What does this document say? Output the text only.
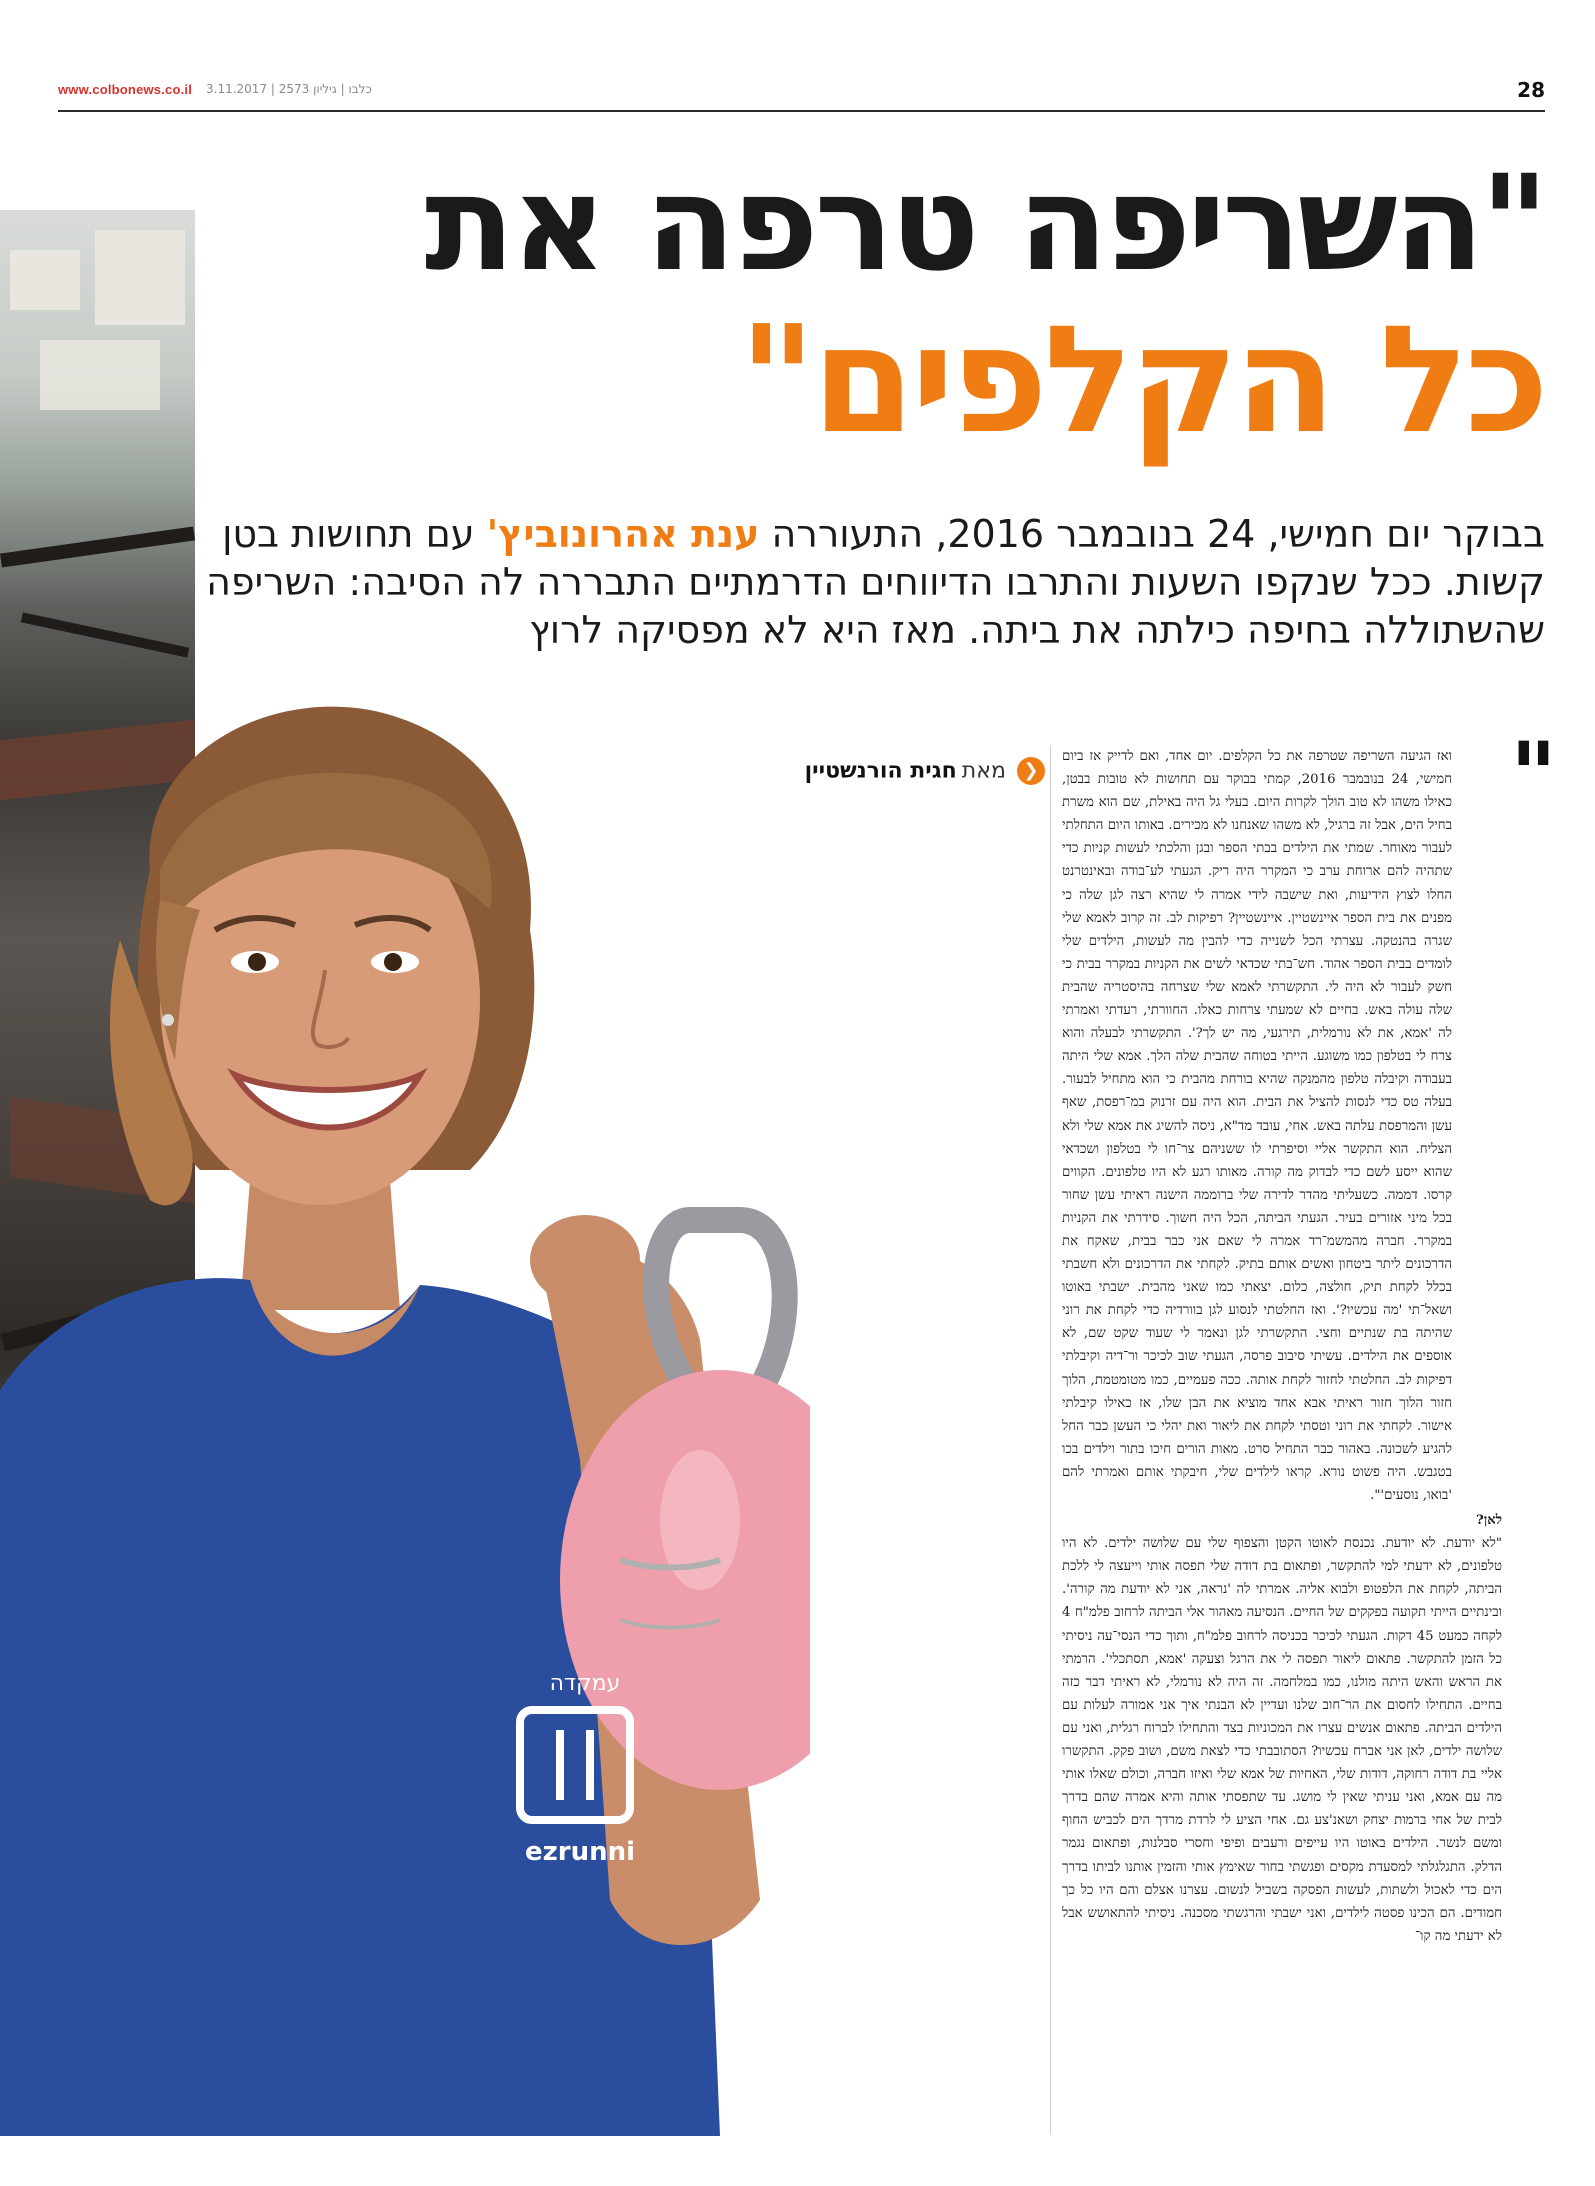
www.colbonews.co.il כלבו | גיליון 2573 | 3.11.2017	28
"השריפה טרפה את
כל הקלפים"
בבוקר יום חמישי, 24 בנובמבר 2016, התעוררה ענת אהרונוביץ' עם תחושות בטן קשות. ככל שנקפו השעות והתרבו הדיווחים הדרמתיים התבררה לה הסיבה: השריפה שהשתוללה בחיפה כילתה את ביתה. מאז היא לא מפסיקה לרוץ
עמקדה
ezrunni
❮ מאת חגית הורנשטיין	"

ואז הגיעה השריפה שטרפה את כל הקלפים. יום אחד, ואם לדייק אז ביום חמישי, 24 בנובמבר 2016, קמתי בבוקר עם תחושות לא טובות בבטן, כאילו משהו לא טוב הולך לקרות היום. בעלי גל היה באילת, שם הוא משרת בחיל הים, אבל זה ברגיל, לא משהו שאנחנו לא מכירים. באותו היום התחלתי לעבור מאוחר. שמתי את הילדים בבתי הספר ובגן והלכתי לעשות קניות כדי שתהיה להם ארוחת ערב כי המקרר היה ריק. הגעתי לע־בודה ובאינטרנט החלו לצוץ הידיעות, ואת שישבה לידי אמרה לי שהיא רצה לגן שלה כי מפנים את בית הספר איינשטיין. איינשטיין? רפיקות לב. זה קרוב לאמא שלי שגרה בהנטקה. עצרתי הכל לשנייה כדי להבין מה לעשות, הילדים שלי לומדים בבית הספר אהוד. חש־בתי שכדאי לשים את הקניות במקרר בבית כי חשק לעבור לא היה לי. התקשרתי לאמא שלי שצרחה בהיסטריה שהבית שלה עולה באש. בחיים לא שמעתי צרחות כאלו. החוורתי, רעדתי ואמרתי לה 'אמא, את לא נורמלית, תירגעי, מה יש לך?'. התקשרתי לבעלה והוא צרח לי בטלפון כמו משוגע. הייתי בטוחה שהבית שלה הלך. אמא שלי היתה בעבודה וקיבלה טלפון מהמנקה שהיא בורחת מהבית כי הוא מתחיל לבעור. בעלה טס כדי לנסות להציל את הבית. הוא היה עם זרנוק במ־רפסת, שאף עשן והמרפסת עלתה באש. אחי, עובד מד"א, ניסה להשיג את אמא שלי ולא הצליח. הוא התקשר אליי וסיפרתי לו ששניהם צר־חו לי בטלפון ושכדאי שהוא ייסע לשם כדי לבדוק מה קורה. מאותו רגע לא היו טלפונים. הקווים קרסו. דממה. כשעליתי מהדר לדירה שלי ברוממה הישנה ראיתי עשן שחור בכל מיני אזורים בעיר. הגעתי הביתה, הכל היה חשוך. סידרתי את הקניות במקרר. חברה מהמשמ־רד אמרה לי שאם אני כבר בבית, שאקח את הדרכונים ליתר ביטחון ואשים אותם בתיק. לקחתי את הדרכונים ולא חשבתי בכלל לקחת תיק, חולצה, כלום. יצאתי כמו שאני מהבית. ישבתי באוטו ושאל־תי 'מה עכשיו?'. ואז החלטתי לנסוע לגן בוורדיה כדי לקחת את רוני שהיתה בת שנתיים וחצי. התקשרתי לגן ונאמר לי שעוד שקט שם, לא אוספים את הילדים. עשיתי סיבוב פרסה, הגעתי שוב לכיכר ור־דיה וקיבלתי דפיקות לב. החלטתי לחזור לקחת אותה. ככה פעמיים, כמו מטומטמת, הלוך חזור הלוך חזור ראיתי אבא אחד מוציא את הבן שלו, אז כאילו קיבלתי אישור. לקחתי את רוני וטסתי לקחת את ליאור ואת יהלי כי העשן כבר החל להגיע לשכונה. באהור כבר התחיל סרט. מאות הורים חיכו בתור וילדים בכו בטגבש. היה פשוט נורא. קראו לילדים שלי, חיבקתי אותם ואמרתי להם 'בואו, נוסעים'".

לאן?

"לא יודעת. לא יודעת. נכנסת לאוטו הקטן והצפוף שלי עם שלושה ילדים. לא היו טלפונים, לא ידעתי למי להתקשר, ופתאום בת דודה שלי תפסה אותי וייעצה לי ללכת הביתה, לקחת את הלפטופ ולבוא אליה. אמרתי לה 'נראה, אני לא יודעת מה קורה'. ובינתיים הייתי תקועה בפקקים של החיים. הנסיעה מאהור אלי הביתה לרחוב פלמ"ח 4 לקחה כמעט 45 דקות. הגעתי לכיכר בכניסה לרחוב פלמ"ח, ותוך כדי הנסי־עה ניסיתי כל הזמן להתקשר. פתאום ליאור תפסה לי את הרגל וצעקה 'אמא, תסתכלי'. הרמתי את הראש והאש היתה מולנו, כמו במלחמה. זה היה לא נורמלי, לא ראיתי דבר כזה בחיים. התחילו לחסום את הר־חוב שלנו ועדיין לא הבנתי איך אני אמורה לעלות עם הילדים הביתה. פתאום אנשים עצרו את המכוניות בצד והתחילו לברוח רגלית, ואני עם שלושה ילדים, לאן אני אברח עכשיו? הסתובבתי כדי לצאת משם, ושוב פקק. התקשרו אליי בת דודה רחוקה, דודות שלי, האחיות של אמא שלי ואיזו חברה, וכולם שאלו אותי מה עם אמא, ואני עניתי שאין לי מושג. עד שתפסתי אותה והיא אמרה שהם בדרך לבית של אחי ברמות יצחק ושאנ'צע גם. אחי הציע לי לרדת מרדך הים לכביש החוף ומשם לנשר. הילדים באוטו היו עייפים ורעבים ופיפי וחסרי סבלנות, ופתאום נגמר הדלק. התגלגלתי למסעדת מקסים ופגשתי בחור שאימץ אותי והזמין אותנו לביתו בדרך הים כדי לאכול ולשתות, לעשות הפסקה בשביל לנשום. עצרנו אצלם והם היו כל כך חמודים. הם הכינו פסטה לילדים, ואני ישבתי והרגשתי מסכנה. ניסיתי להתאושש אבל לא ידעתי מה קו־
